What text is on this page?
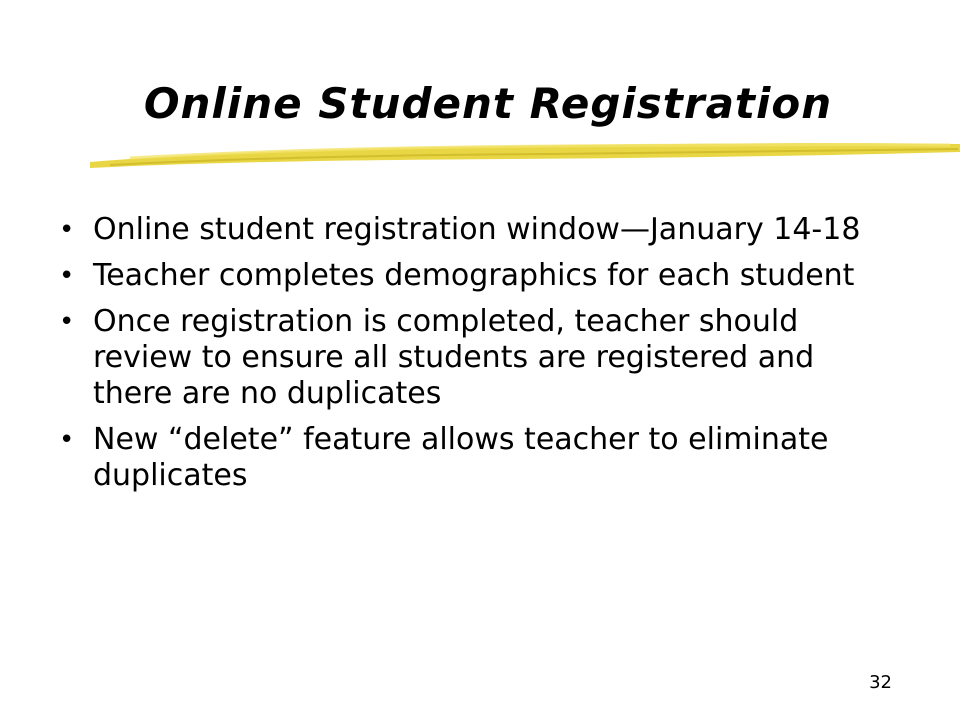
Online Student Registration
• Online student registration window—January 14-18
• Teacher completes demographics for each student
• Once registration is completed, teacher should review to ensure all students are registered and there are no duplicates
• New “delete” feature allows teacher to eliminate duplicates
32
